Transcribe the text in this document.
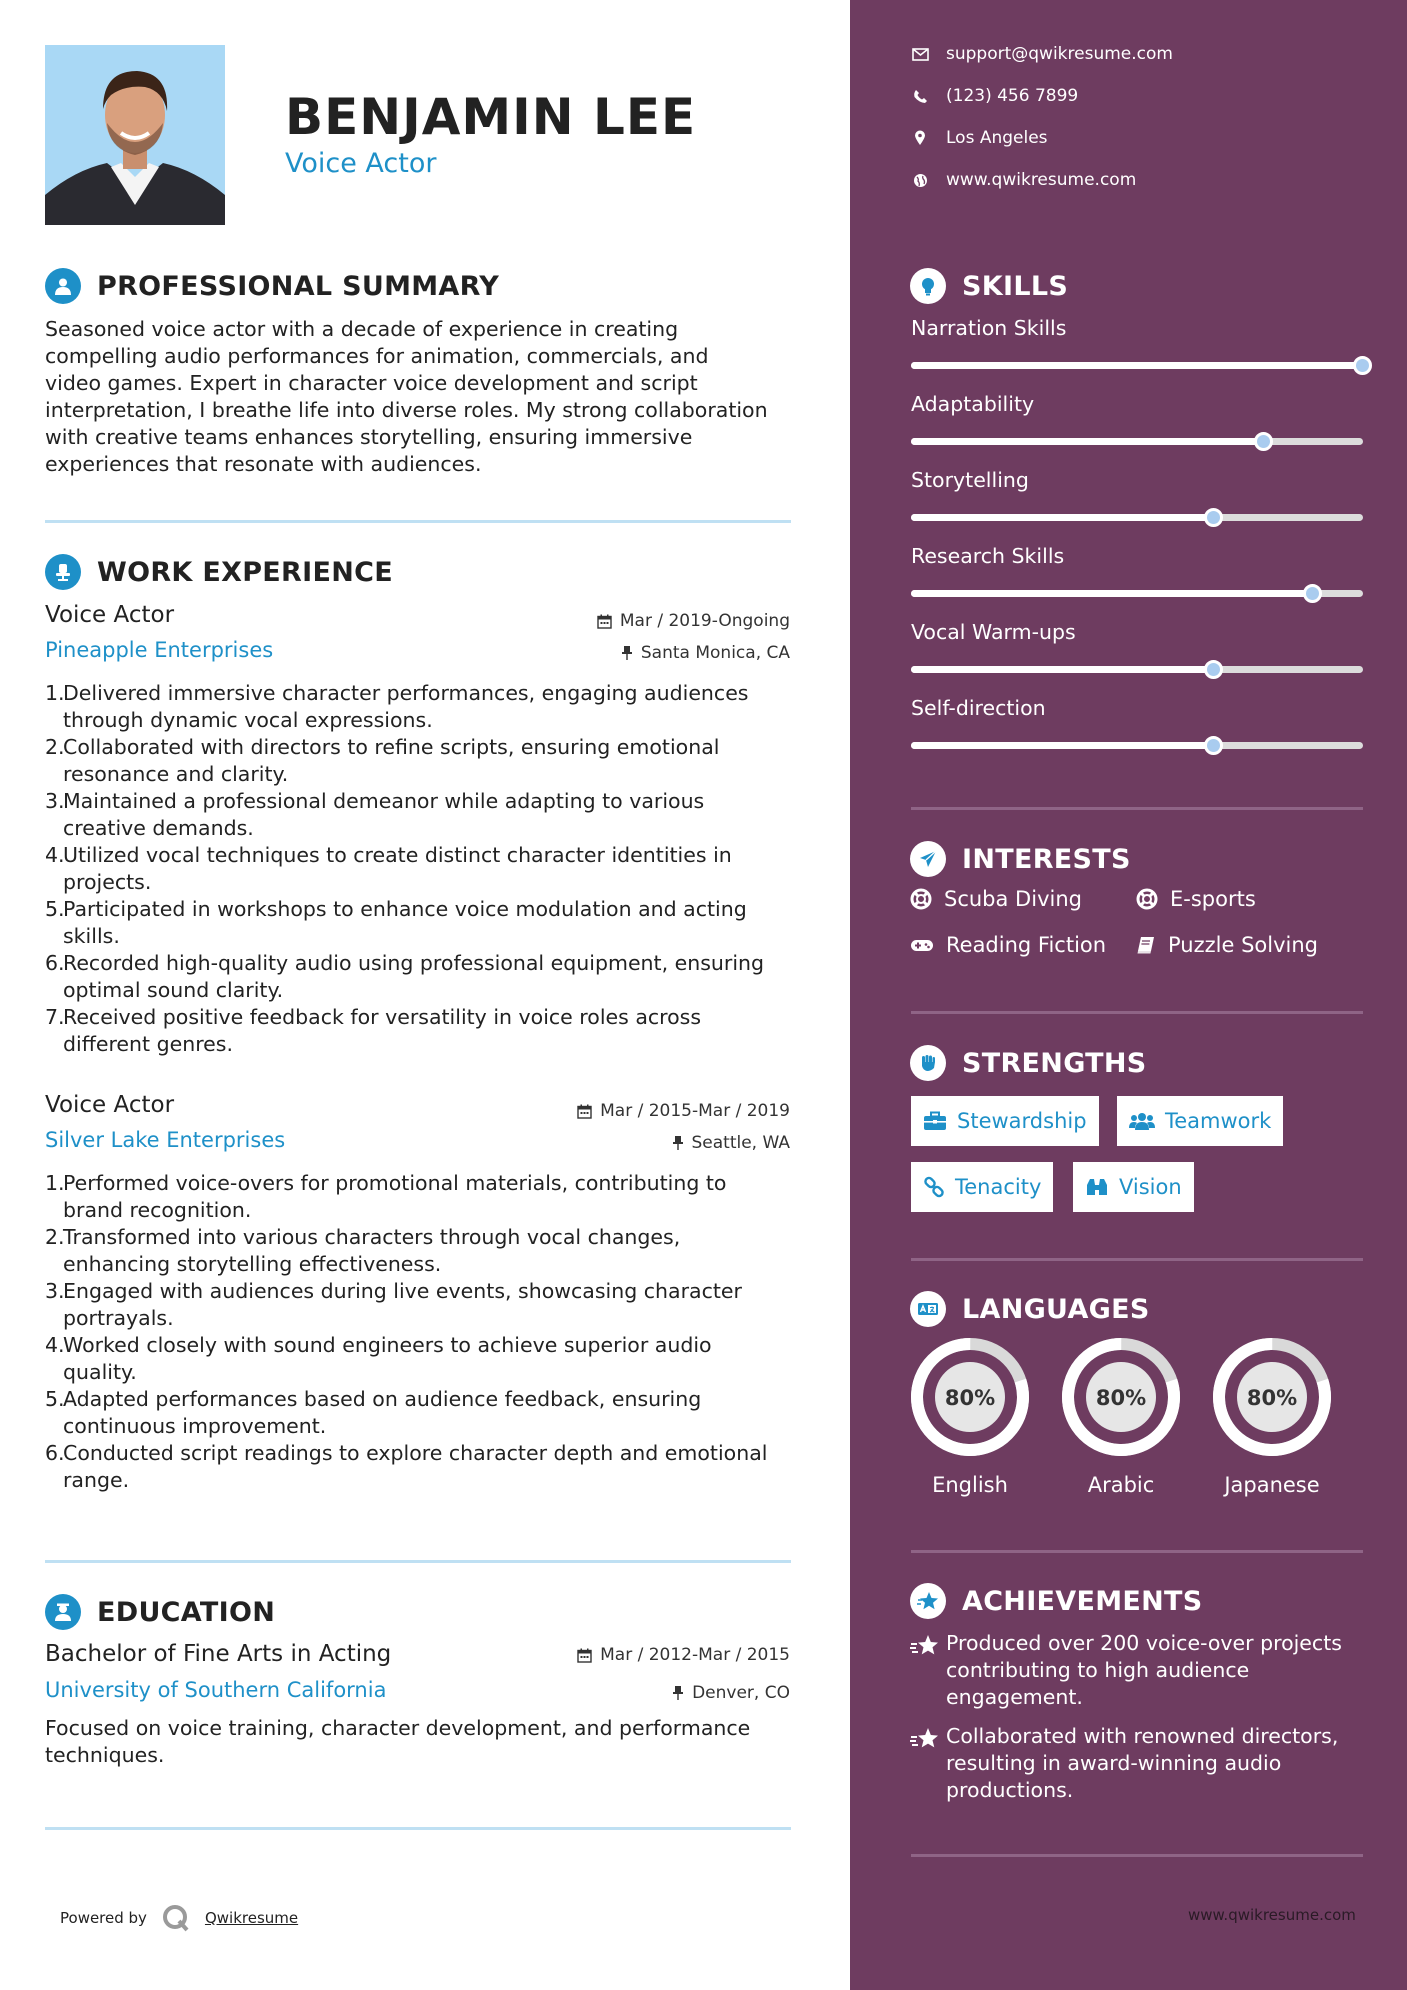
BENJAMIN LEE
Voice Actor
PROFESSIONAL SUMMARY
Seasoned voice actor with a decade of experience in creating
compelling audio performances for animation, commercials, and
video games. Expert in character voice development and script
interpretation, I breathe life into diverse roles. My strong collaboration
with creative teams enhances storytelling, ensuring immersive
experiences that resonate with audiences.
WORK EXPERIENCE
Voice Actor	Mar / 2019-Ongoing
Pineapple Enterprises	Santa Monica, CA
1.
Delivered immersive character performances, engaging audiences
through dynamic vocal expressions.
2.
Collaborated with directors to refine scripts, ensuring emotional
resonance and clarity.
3.
Maintained a professional demeanor while adapting to various
creative demands.
4.
Utilized vocal techniques to create distinct character identities in
projects.
5.
Participated in workshops to enhance voice modulation and acting
skills.
6.
Recorded high-quality audio using professional equipment, ensuring
optimal sound clarity.
7.
Received positive feedback for versatility in voice roles across
different genres.
Voice Actor	Mar / 2015-Mar / 2019
Silver Lake Enterprises	Seattle, WA
1.
Performed voice-overs for promotional materials, contributing to
brand recognition.
2.
Transformed into various characters through vocal changes,
enhancing storytelling effectiveness.
3.
Engaged with audiences during live events, showcasing character
portrayals.
4.
Worked closely with sound engineers to achieve superior audio
quality.
5.
Adapted performances based on audience feedback, ensuring
continuous improvement.
6.
Conducted script readings to explore character depth and emotional
range.
EDUCATION
Bachelor of Fine Arts in Acting	Mar / 2012-Mar / 2015
University of Southern California	Denver, CO
Focused on voice training, character development, and performance
techniques.
Powered by	Qwikresume
support@qwikresume.com
(123) 456 7899
Los Angeles
www.qwikresume.com
SKILLS
Narration Skills
Adaptability
Storytelling
Research Skills
Vocal Warm-ups
Self-direction
INTERESTS
Scuba Diving	E-sports
Reading Fiction	Puzzle Solving
STRENGTHS
Stewardship	Teamwork
Tenacity	Vision
LANGUAGES
80%
English
80%
Arabic
80%
Japanese
ACHIEVEMENTS
Produced over 200 voice-over projects
contributing to high audience
engagement.
Collaborated with renowned directors,
resulting in award-winning audio
productions.
www.qwikresume.com
